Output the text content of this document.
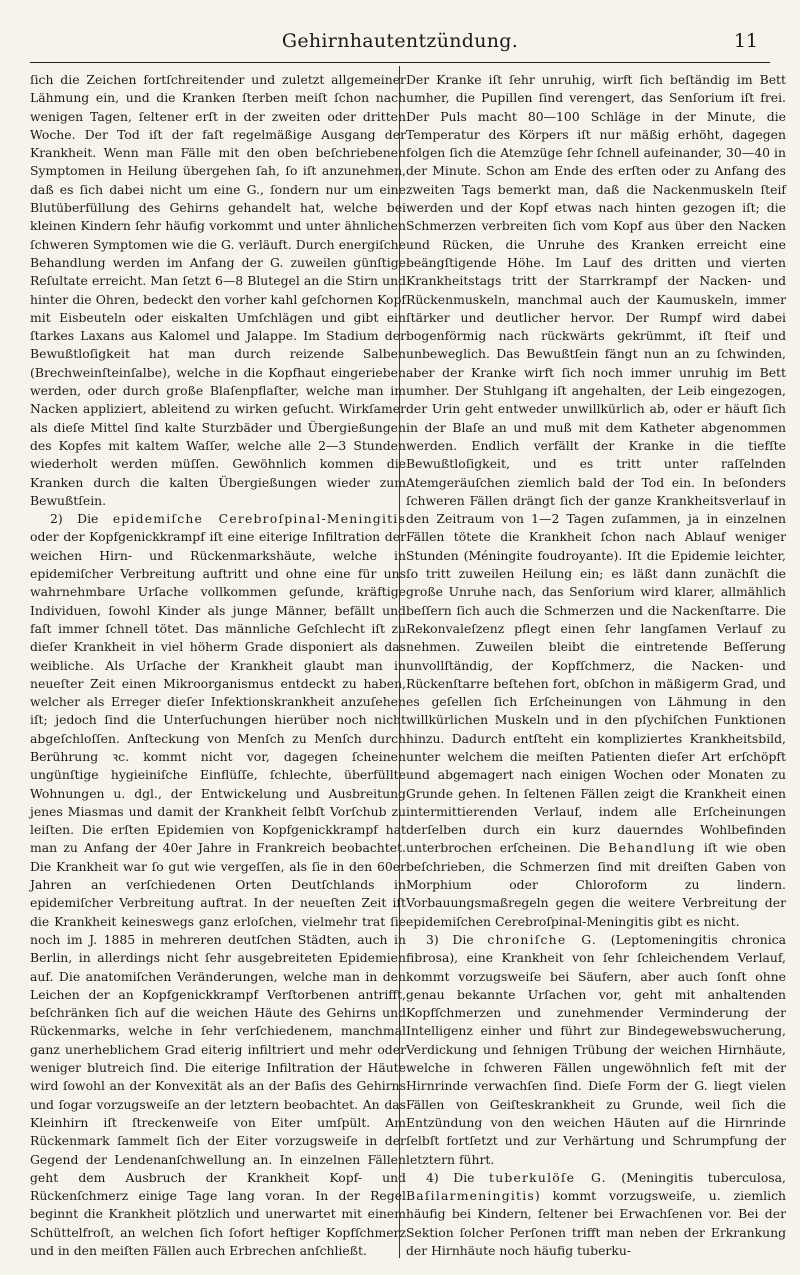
Gehirnhautentzündung.	11

ſich die Zeichen fortſchreitender und zuletzt allgemeiner Lähmung ein, und die Kranken ſterben meiſt ſchon nach wenigen Tagen, ſeltener erſt in der zweiten oder dritten Woche. Der Tod iſt der faſt regelmäßige Ausgang der Krankheit. Wenn man Fälle mit den oben beſchriebenen Symptomen in Heilung übergehen ſah, ſo iſt anzunehmen, daß es ſich dabei nicht um eine G., ſondern nur um eine Blutüberfüllung des Gehirns gehandelt hat, welche bei kleinen Kindern ſehr häufig vorkommt und unter ähnlichen ſchweren Symptomen wie die G. verläuft. Durch energiſche Behandlung werden im Anfang der G. zuweilen günſtige Reſultate erreicht. Man ſetzt 6—8 Blutegel an die Stirn und hinter die Ohren, bedeckt den vorher kahl geſchornen Kopf mit Eisbeuteln oder eiskalten Umſchlägen und gibt ein ſtarkes Laxans aus Kalomel und Jalappe. Im Stadium der Bewußtloſigkeit hat man durch reizende Salben (Brechweinſteinſalbe), welche in die Kopfhaut eingerieben werden, oder durch große Blaſenpflaſter, welche man im Nacken appliziert, ableitend zu wirken geſucht. Wirkſamer als dieſe Mittel ſind kalte Sturzbäder und Übergießungen des Kopfes mit kaltem Waſſer, welche alle 2—3 Stunden wiederholt werden müſſen. Gewöhnlich kommen die Kranken durch die kalten Übergießungen wieder zum Bewußtſein.

2) Die epidemiſche Cerebroſpinal-Meningitis oder der Kopfgenickkrampf iſt eine eiterige Infiltration der weichen Hirn- und Rückenmarkshäute, welche in epidemiſcher Verbreitung auftritt und ohne eine für uns wahrnehmbare Urſache vollkommen geſunde, kräftige Individuen, ſowohl Kinder als junge Männer, befällt und faſt immer ſchnell tötet. Das männliche Geſchlecht iſt zu dieſer Krankheit in viel höherm Grade disponiert als das weibliche. Als Urſache der Krankheit glaubt man in neueſter Zeit einen Mikroorganismus entdeckt zu haben, welcher als Erreger dieſer Infektionskrankheit anzuſehen iſt; jedoch ſind die Unterſuchungen hierüber noch nicht abgeſchloſſen. Anſteckung von Menſch zu Menſch durch Berührung ꝛc. kommt nicht vor, dagegen ſcheinen ungünſtige hygieiniſche Einflüſſe, ſchlechte, überfüllte Wohnungen u. dgl., der Entwickelung und Ausbreitung jenes Miasmas und damit der Krankheit ſelbſt Vorſchub zu leiſten. Die erſten Epidemien von Kopfgenickkrampf hat man zu Anfang der 40er Jahre in Frankreich beobachtet. Die Krankheit war ſo gut wie vergeſſen, als ſie in den 60er Jahren an verſchiedenen Orten Deutſchlands in epidemiſcher Verbreitung auftrat. In der neueſten Zeit iſt die Krankheit keineswegs ganz erloſchen, vielmehr trat ſie noch im J. 1885 in mehreren deutſchen Städten, auch in Berlin, in allerdings nicht ſehr ausgebreiteten Epidemien auf. Die anatomiſchen Veränderungen, welche man in den Leichen der an Kopfgenickkrampf Verſtorbenen antrifft, beſchränken ſich auf die weichen Häute des Gehirns und Rückenmarks, welche in ſehr verſchiedenem, manchmal ganz unerheblichem Grad eiterig infiltriert und mehr oder weniger blutreich ſind. Die eiterige Infiltration der Häute wird ſowohl an der Konvexität als an der Baſis des Gehirns und ſogar vorzugsweiſe an der letztern beobachtet. An das Kleinhirn iſt ſtreckenweiſe von Eiter umſpült. Am Rückenmark ſammelt ſich der Eiter vorzugsweiſe in der Gegend der Lendenanſchwellung an. In einzelnen Fällen geht dem Ausbruch der Krankheit Kopf- und Rückenſchmerz einige Tage lang voran. In der Regel beginnt die Krankheit plötzlich und unerwartet mit einem Schüttelfroſt, an welchen ſich ſofort heftiger Kopfſchmerz und in den meiſten Fällen auch Erbrechen anſchließt.

Der Kranke iſt ſehr unruhig, wirft ſich beſtändig im Bett umher, die Pupillen ſind verengert, das Senſorium iſt frei. Der Puls macht 80—100 Schläge in der Minute, die Temperatur des Körpers iſt nur mäßig erhöht, dagegen folgen ſich die Atemzüge ſehr ſchnell aufeinander, 30—40 in der Minute. Schon am Ende des erſten oder zu Anfang des zweiten Tags bemerkt man, daß die Nackenmuskeln ſteif werden und der Kopf etwas nach hinten gezogen iſt; die Schmerzen verbreiten ſich vom Kopf aus über den Nacken und Rücken, die Unruhe des Kranken erreicht eine beängſtigende Höhe. Im Lauf des dritten und vierten Krankheitstags tritt der Starrkrampf der Nacken- und Rückenmuskeln, manchmal auch der Kaumuskeln, immer ſtärker und deutlicher hervor. Der Rumpf wird dabei bogenförmig nach rückwärts gekrümmt, iſt ſteif und unbeweglich. Das Bewußtſein fängt nun an zu ſchwinden, aber der Kranke wirft ſich noch immer unruhig im Bett umher. Der Stuhlgang iſt angehalten, der Leib eingezogen, der Urin geht entweder unwillkürlich ab, oder er häuft ſich in der Blaſe an und muß mit dem Katheter abgenommen werden. Endlich verfällt der Kranke in die tiefſte Bewußtloſigkeit, und es tritt unter raſſelnden Atemgeräuſchen ziemlich bald der Tod ein. In beſonders ſchweren Fällen drängt ſich der ganze Krankheitsverlauf in den Zeitraum von 1—2 Tagen zuſammen, ja in einzelnen Fällen tötete die Krankheit ſchon nach Ablauf weniger Stunden (Méningite foudroyante). Iſt die Epidemie leichter, ſo tritt zuweilen Heilung ein; es läßt dann zunächſt die große Unruhe nach, das Senſorium wird klarer, allmählich beſſern ſich auch die Schmerzen und die Nackenſtarre. Die Rekonvaleſzenz pflegt einen ſehr langſamen Verlauf zu nehmen. Zuweilen bleibt die eintretende Beſſerung unvollſtändig, der Kopfſchmerz, die Nacken- und Rückenſtarre beſtehen fort, obſchon in mäßigerm Grad, und es geſellen ſich Erſcheinungen von Lähmung in den willkürlichen Muskeln und in den pſychiſchen Funktionen hinzu. Dadurch entſteht ein kompliziertes Krankheitsbild, unter welchem die meiſten Patienten dieſer Art erſchöpft und abgemagert nach einigen Wochen oder Monaten zu Grunde gehen. In ſeltenen Fällen zeigt die Krankheit einen intermittierenden Verlauf, indem alle Erſcheinungen derſelben durch ein kurz dauerndes Wohlbefinden unterbrochen erſcheinen. Die Behandlung iſt wie oben beſchrieben, die Schmerzen ſind mit dreiſten Gaben von Morphium oder Chloroform zu lindern. Vorbauungsmaßregeln gegen die weitere Verbreitung der epidemiſchen Cerebroſpinal-Meningitis gibt es nicht.

3) Die chroniſche G. (Leptomeningitis chronica fibrosa), eine Krankheit von ſehr ſchleichendem Verlauf, kommt vorzugsweiſe bei Säufern, aber auch ſonſt ohne genau bekannte Urſachen vor, geht mit anhaltenden Kopfſchmerzen und zunehmender Verminderung der Intelligenz einher und führt zur Bindegewebswucherung, Verdickung und ſehnigen Trübung der weichen Hirnhäute, welche in ſchweren Fällen ungewöhnlich feſt mit der Hirnrinde verwachſen ſind. Dieſe Form der G. liegt vielen Fällen von Geiſteskrankheit zu Grunde, weil ſich die Entzündung von den weichen Häuten auf die Hirnrinde ſelbſt fortſetzt und zur Verhärtung und Schrumpfung der letztern führt.

4) Die tuberkulöſe G. (Meningitis tuberculosa, Baſilarmeningitis) kommt vorzugsweiſe, u. ziemlich häufig bei Kindern, ſeltener bei Erwachſenen vor. Bei der Sektion ſolcher Perſonen trifft man neben der Erkrankung der Hirnhäute noch häufig tuberku-
